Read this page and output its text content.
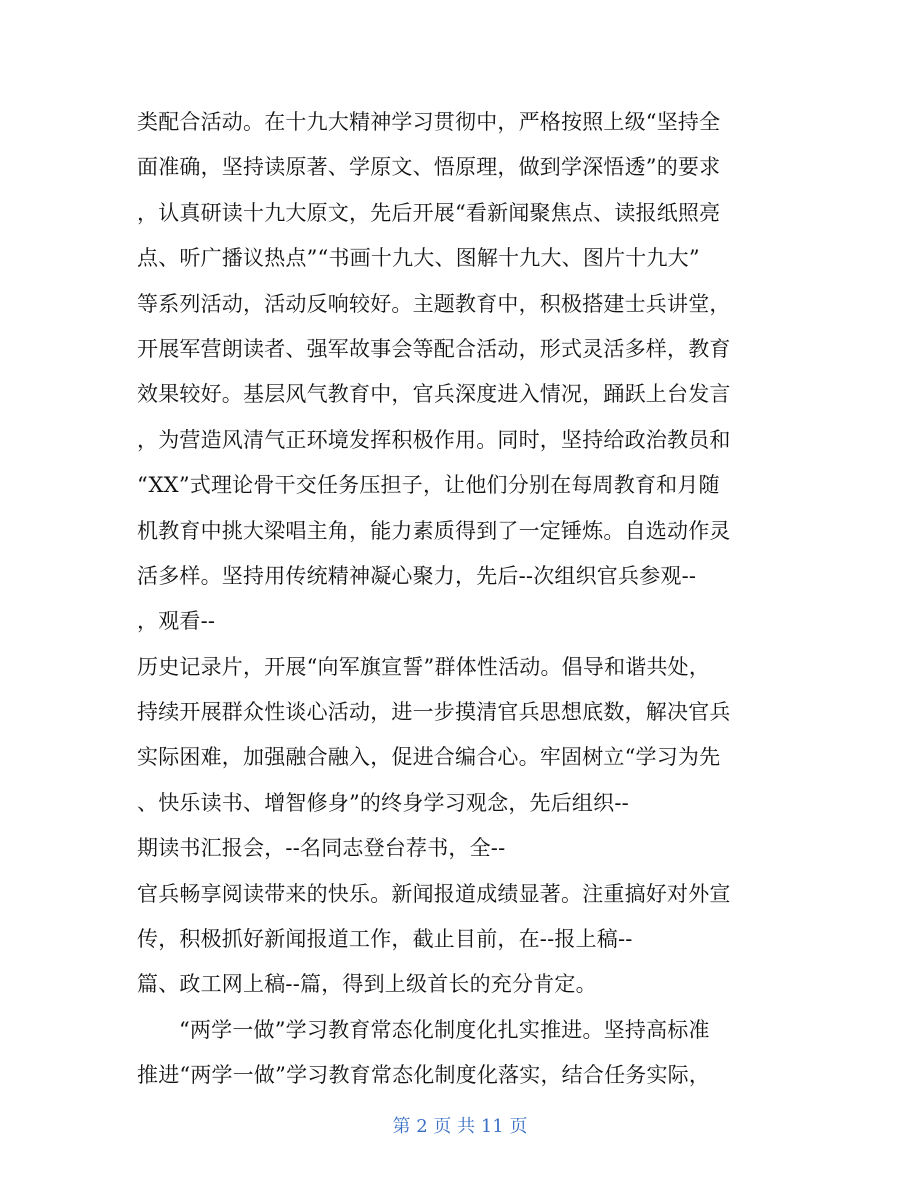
类配合活动。在十九大精神学习贯彻中，严格按照上级“坚持全
面准确，坚持读原著、学原文、悟原理，做到学深悟透”的要求
，认真研读十九大原文，先后开展“看新闻聚焦点、读报纸照亮
点、听广播议热点”“书画十九大、图解十九大、图片十九大”
等系列活动，活动反响较好。主题教育中，积极搭建士兵讲堂，
开展军营朗读者、强军故事会等配合活动，形式灵活多样，教育
效果较好。基层风气教育中，官兵深度进入情况，踊跃上台发言
，为营造风清气正环境发挥积极作用。同时，坚持给政治教员和
“XX”式理论骨干交任务压担子，让他们分别在每周教育和月随
机教育中挑大梁唱主角，能力素质得到了一定锤炼。自选动作灵
活多样。坚持用传统精神凝心聚力，先后--次组织官兵参观--
，观看--
历史记录片，开展“向军旗宣誓”群体性活动。倡导和谐共处，
持续开展群众性谈心活动，进一步摸清官兵思想底数，解决官兵
实际困难，加强融合融入，促进合编合心。牢固树立“学习为先
、快乐读书、增智修身”的终身学习观念，先后组织--
期读书汇报会，--名同志登台荐书，全--
官兵畅享阅读带来的快乐。新闻报道成绩显著。注重搞好对外宣
传，积极抓好新闻报道工作，截止目前，在--报上稿--
篇、政工网上稿--篇，得到上级首长的充分肯定。
“两学一做”学习教育常态化制度化扎实推进。坚持高标准
推进“两学一做”学习教育常态化制度化落实，结合任务实际，
第 2 页 共 11 页
